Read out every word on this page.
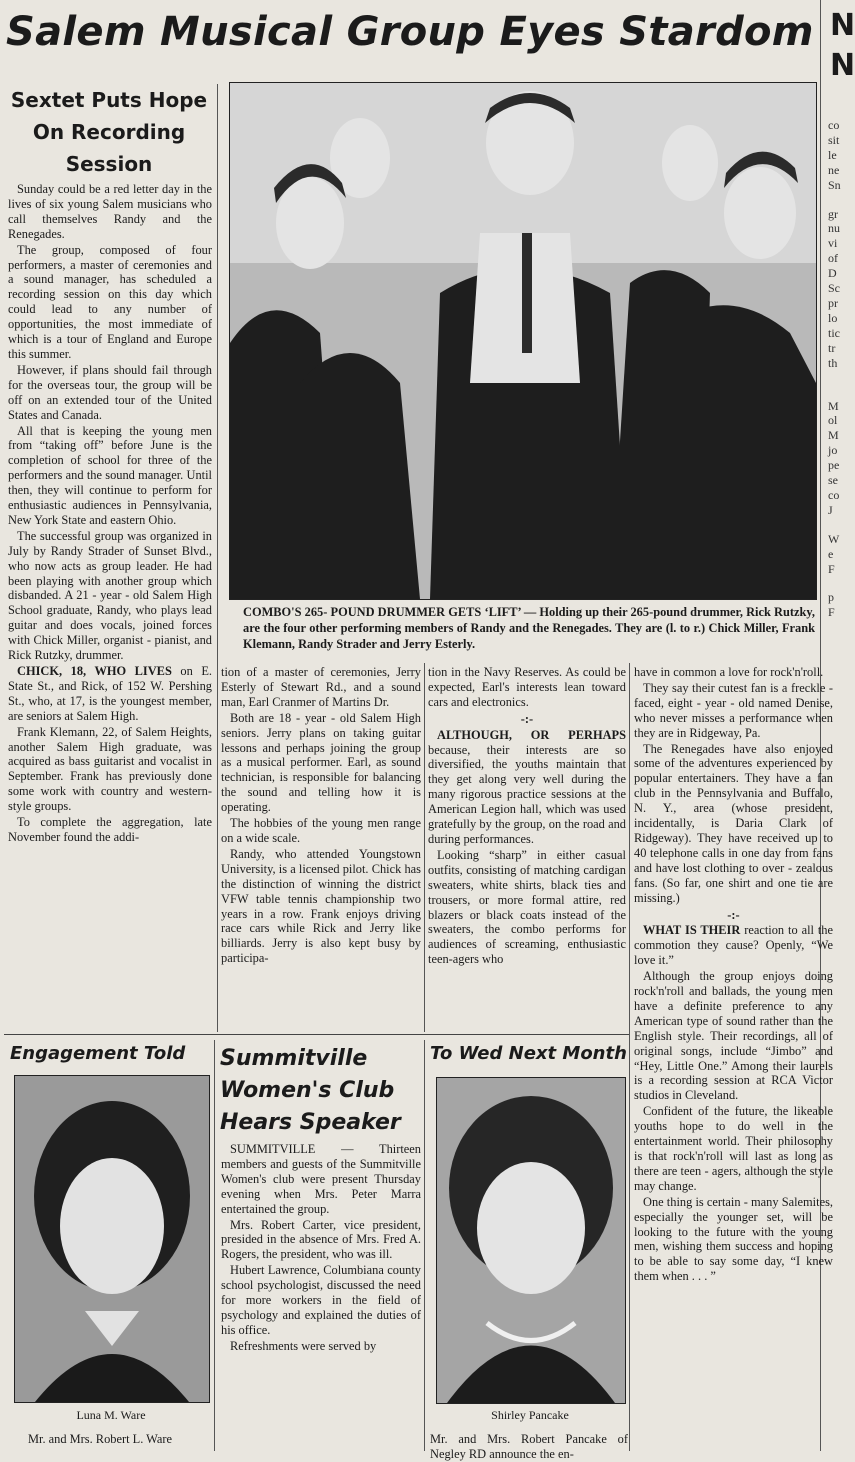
Salem Musical Group Eyes Stardom N
N
Sextet Puts Hope On Recording Session

Sunday could be a red letter day in the lives of six young Salem musicians who call themselves Randy and the Renegades.

The group, composed of four performers, a master of ceremonies and a sound manager, has scheduled a recording session on this day which could lead to any number of opportunities, the most immediate of which is a tour of England and Europe this summer.

However, if plans should fail through for the overseas tour, the group will be off on an extended tour of the United States and Canada.

All that is keeping the young men from “taking off” before June is the completion of school for three of the performers and the sound manager. Until then, they will continue to perform for enthusiastic audiences in Pennsylvania, New York State and eastern Ohio.

The successful group was organized in July by Randy Strader of Sunset Blvd., who now acts as group leader. He had been playing with another group which disbanded. A 21 - year - old Salem High School graduate, Randy, who plays lead guitar and does vocals, joined forces with Chick Miller, organist - pianist, and Rick Rutzky, drummer.

CHICK, 18, WHO LIVES on E. State St., and Rick, of 152 W. Pershing St., who, at 17, is the youngest member, are seniors at Salem High.

Frank Klemann, 22, of Salem Heights, another Salem High graduate, was acquired as bass guitarist and vocalist in September. Frank has previously done some work with country and western-style groups.

To complete the aggregation, late November found the addi-

COMBO'S 265- POUND DRUMMER GETS ‘LIFT’ — Holding up their 265-pound drummer, Rick Rutzky, are the four other performing members of Randy and the Renegades. They are (l. to r.) Chick Miller, Frank Klemann, Randy Strader and Jerry Esterly.

tion of a master of ceremonies, Jerry Esterly of Stewart Rd., and a sound man, Earl Cranmer of Martins Dr.

Both are 18 - year - old Salem High seniors. Jerry plans on taking guitar lessons and perhaps joining the group as a musical performer. Earl, as sound technician, is responsible for balancing the sound and telling how it is operating.

The hobbies of the young men range on a wide scale.

Randy, who attended Youngstown University, is a licensed pilot. Chick has the distinction of winning the district VFW table tennis championship two years in a row. Frank enjoys driving race cars while Rick and Jerry like billiards. Jerry is also kept busy by participa-

tion in the Navy Reserves. As could be expected, Earl's interests lean toward cars and electronics.

-:-

ALTHOUGH, OR PERHAPS because, their interests are so diversified, the youths maintain that they get along very well during the many rigorous practice sessions at the American Legion hall, which was used gratefully by the group, on the road and during performances.

Looking “sharp” in either casual outfits, consisting of matching cardigan sweaters, white shirts, black ties and trousers, or more formal attire, red blazers or black coats instead of the sweaters, the combo performs for audiences of screaming, enthusiastic teen-agers who

have in common a love for rock'n'roll.

They say their cutest fan is a freckle - faced, eight - year - old named Denise, who never misses a performance when they are in Ridgeway, Pa.

The Renegades have also enjoyed some of the adventures experienced by popular entertainers. They have a fan club in the Pennsylvania and Buffalo, N. Y., area (whose president, incidentally, is Daria Clark of Ridgeway). They have received up to 40 telephone calls in one day from fans and have lost clothing to over - zealous fans. (So far, one shirt and one tie are missing.)

-:-

WHAT IS THEIR reaction to all the commotion they cause? Openly, “We love it.”

Although the group enjoys doing rock'n'roll and ballads, the young men have a definite preference to any American type of sound rather than the English style. Their recordings, all of original songs, include “Jimbo” and “Hey, Little One.” Among their laurels is a recording session at RCA Victor studios in Cleveland.

Confident of the future, the likeable youths hope to do well in the entertainment world. Their philosophy is that rock'n'roll will last as long as there are teen - agers, although the style may change.

One thing is certain - many Salemites, especially the younger set, will be looking to the future with the young men, wishing them success and hoping to be able to say some day, “I knew them when . . . ”

Engagement Told
Luna M. Ware
Mr. and Mrs. Robert L. Ware
Summitville Women's Club Hears Speaker

SUMMITVILLE — Thirteen members and guests of the Summitville Women's club were present Thursday evening when Mrs. Peter Marra entertained the group.

Mrs. Robert Carter, vice president, presided in the absence of Mrs. Fred A. Rogers, the president, who was ill.

Hubert Lawrence, Columbiana county school psychologist, discussed the need for more workers in the field of psychology and explained the duties of his office.

Refreshments were served by

To Wed Next Month
Shirley Pancake
Mr. and Mrs. Robert Pancake of Negley RD announce the en-
co
sit
le
ne
Sn
gr
nu
vi
of
D
Sc
pr
lo
tic
tr
th
M
ol
M
jo
pe
se
co
J
W
e
F
p
F
